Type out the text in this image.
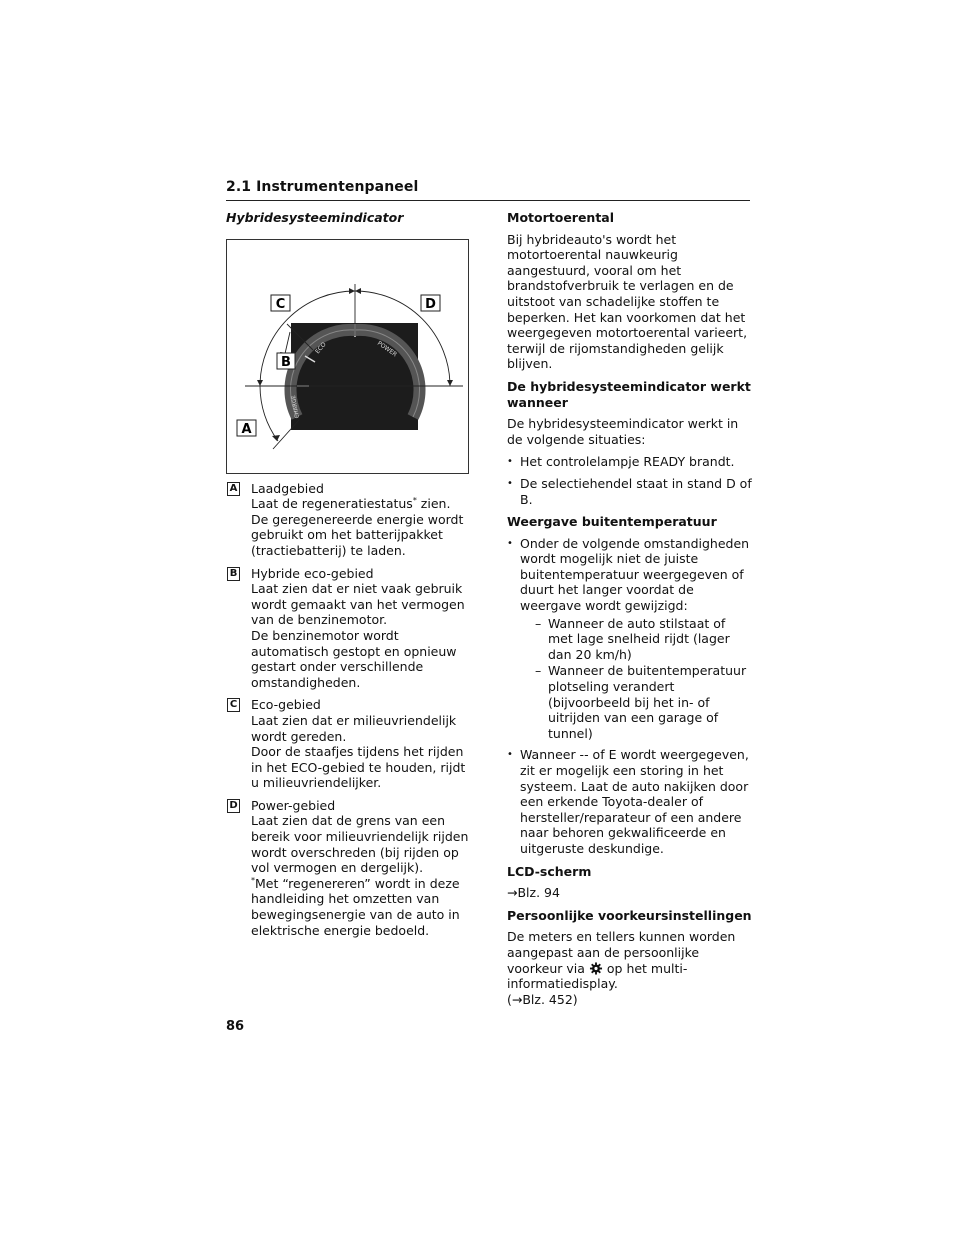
2.1 Instrumentenpaneel

Hybridesysteemindicator

ECO	POWER
CHARGE
C	D
B
A
A Laadgebied

Laat de regeneratiestatus* zien.

De geregenereerde energie wordt gebruikt om het batterijpakket (tractiebatterij) te laden.

B Hybride eco-gebied

Laat zien dat er niet vaak gebruik wordt gemaakt van het vermogen van de benzinemotor.

De benzinemotor wordt automatisch gestopt en opnieuw gestart onder verschillende omstandigheden.

C Eco-gebied

Laat zien dat er milieuvriendelijk wordt gereden.

Door de staafjes tijdens het rijden in het ECO-gebied te houden, rijdt u milieuvriendelijker.

D Power-gebied

Laat zien dat de grens van een bereik voor milieuvriendelijk rijden wordt overschreden (bij rijden op vol vermogen en dergelijk).

*Met “regenereren” wordt in deze handleiding het omzetten van bewegingsenergie van de auto in elektrische energie bedoeld.

Motortoerental

Bij hybrideauto's wordt het motortoerental nauwkeurig aangestuurd, vooral om het brandstofverbruik te verlagen en de uitstoot van schadelijke stoffen te beperken. Het kan voorkomen dat het weergegeven motortoerental varieert, terwijl de rijomstandigheden gelijk blijven.

De hybridesysteemindicator werkt wanneer

De hybridesysteemindicator werkt in de volgende situaties:

• Het controlelampje READY brandt.
• De selectiehendel staat in stand D of B.
Weergave buitentemperatuur
• Onder de volgende omstandigheden wordt mogelijk niet de juiste buitentemperatuur weergegeven of duurt het langer voordat de weergave wordt gewijzigd:
– Wanneer de auto stilstaat of met lage snelheid rijdt (lager dan 20 km/h)
– Wanneer de buitentemperatuur plotseling verandert (bijvoorbeeld bij het in- of uitrijden van een garage of tunnel)
• Wanneer -- of E wordt weergegeven, zit er mogelijk een storing in het systeem. Laat de auto nakijken door een erkende Toyota-dealer of hersteller/reparateur of een andere naar behoren gekwalificeerde en uitgeruste deskundige.
LCD-scherm

→Blz. 94

Persoonlijke voorkeursinstellingen

De meters en tellers kunnen worden aangepast aan de persoonlijke voorkeur via op het multi-informatiedisplay.
(→Blz. 452)

86
